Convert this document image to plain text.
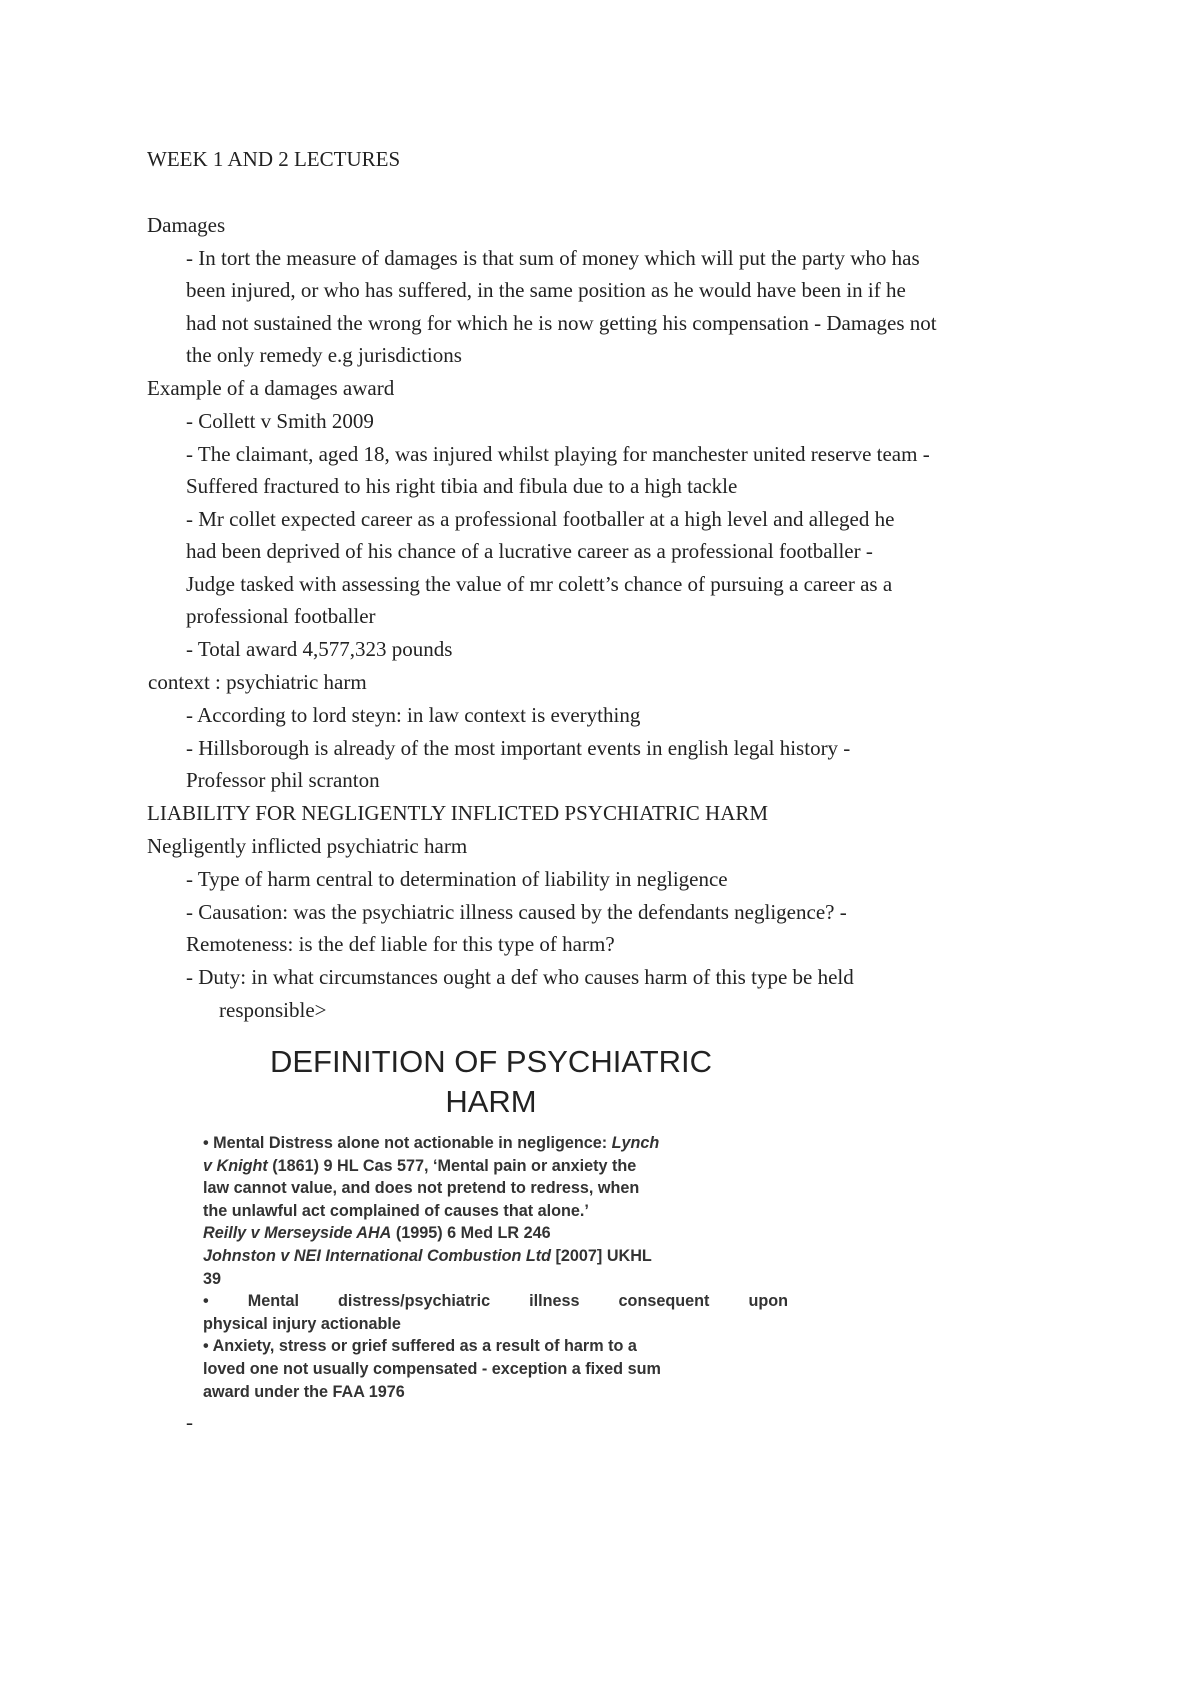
WEEK 1 AND 2 LECTURES
Damages
- In tort the measure of damages is that sum of money which will put the party who has
been injured, or who has suffered, in the same position as he would have been in if he
had not sustained the wrong for which he is now getting his compensation - Damages not
the only remedy e.g jurisdictions
Example of a damages award
- Collett v Smith 2009
- The claimant, aged 18, was injured whilst playing for manchester united reserve team -
Suffered fractured to his right tibia and fibula due to a high tackle
- Mr collet expected career as a professional footballer at a high level and alleged he
had been deprived of his chance of a lucrative career as a professional footballer -
Judge tasked with assessing the value of mr colett’s chance of pursuing a career as a
professional footballer
- Total award 4,577,323 pounds
context : psychiatric harm
- According to lord steyn: in law context is everything
- Hillsborough is already of the most important events in english legal history -
Professor phil scranton
LIABILITY FOR NEGLIGENTLY INFLICTED PSYCHIATRIC HARM
Negligently inflicted psychiatric harm
- Type of harm central to determination of liability in negligence
- Causation: was the psychiatric illness caused by the defendants negligence? -
Remoteness: is the def liable for this type of harm?
- Duty: in what circumstances ought a def who causes harm of this type be held
responsible>
DEFINITION OF PSYCHIATRIC
HARM

• Mental Distress alone not actionable in negligence: Lynch

v Knight (1861) 9 HL Cas 577, ‘Mental pain or anxiety the

law cannot value, and does not pretend to redress, when

the unlawful act complained of causes that alone.’

Reilly v Merseyside AHA (1995) 6 Med LR 246

Johnston v NEI International Combustion Ltd [2007] UKHL

39

• Mental distress/psychiatric illness consequent upon

physical injury actionable

• Anxiety, stress or grief suffered as a result of harm to a

loved one not usually compensated - exception a fixed sum

award under the FAA 1976

-
